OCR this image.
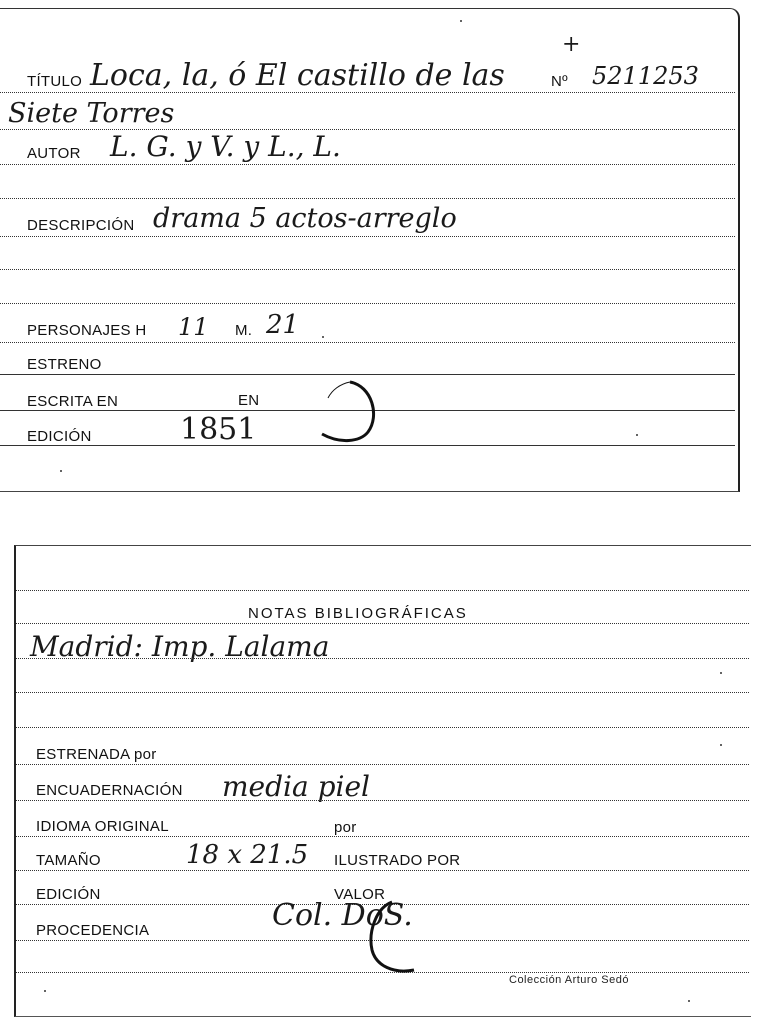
+
TÍTULO Loca, la, ó El castillo de las	Nº 5211253
Siete Torres
AUTOR L. G. y V. y L., L.
DESCRIPCIÓN drama 5 actos-arreglo
PERSONAJES H 11 M. 21
ESTRENO
ESCRITA EN	EN
EDICIÓN	1851
NOTAS BIBLIOGRÁFICAS
Madrid: Imp. Lalama
ESTRENADA por
ENCUADERNACIÓN media piel
IDIOMA ORIGINAL	por
TAMAÑO	18 x 21.5 ILUSTRADO POR
EDICIÓN	VALOR
PROCEDENCIA	Col. DoS.
Colección Arturo Sedó
